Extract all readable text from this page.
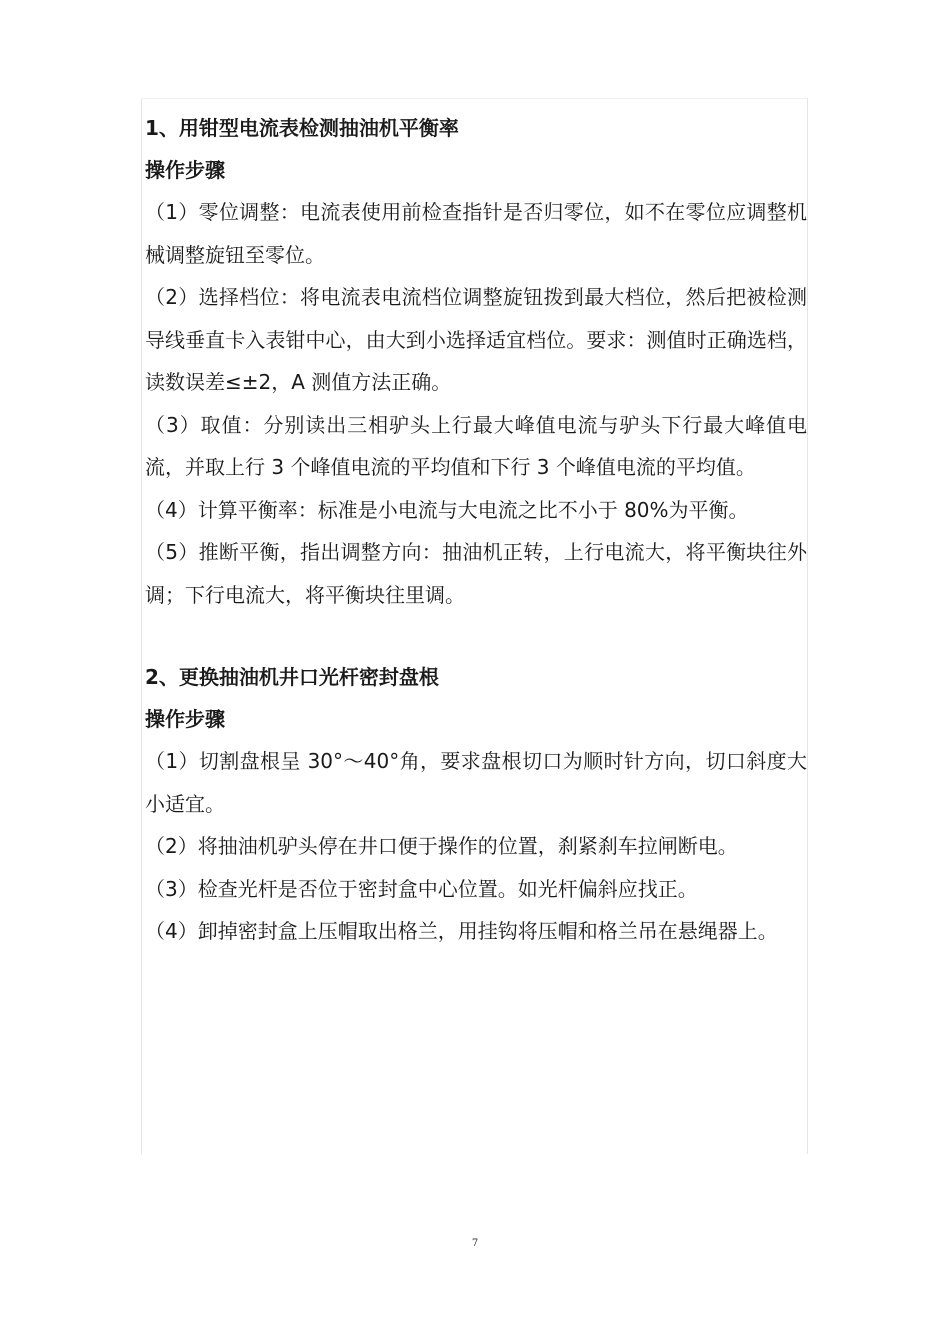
1、用钳型电流表检测抽油机平衡率

操作步骤

（1）零位调整：电流表使用前检查指针是否归零位，如不在零位应调整机械调整旋钮至零位。

（2）选择档位：将电流表电流档位调整旋钮拨到最大档位，然后把被检测导线垂直卡入表钳中心，由大到小选择适宜档位。要求：测值时正确选档，读数误差≤±2，A 测值方法正确。

（3）取值：分别读出三相驴头上行最大峰值电流与驴头下行最大峰值电流，并取上行 3 个峰值电流的平均值和下行 3 个峰值电流的平均值。

（4）计算平衡率：标准是小电流与大电流之比不小于 80%为平衡。

（5）推断平衡，指出调整方向：抽油机正转，上行电流大，将平衡块往外调；下行电流大，将平衡块往里调。

2、更换抽油机井口光杆密封盘根

操作步骤

（1）切割盘根呈 30°～40°角，要求盘根切口为顺时针方向，切口斜度大小适宜。

（2）将抽油机驴头停在井口便于操作的位置，刹紧刹车拉闸断电。

（3）检查光杆是否位于密封盒中心位置。如光杆偏斜应找正。

（4）卸掉密封盒上压帽取出格兰，用挂钩将压帽和格兰吊在悬绳器上。

7
